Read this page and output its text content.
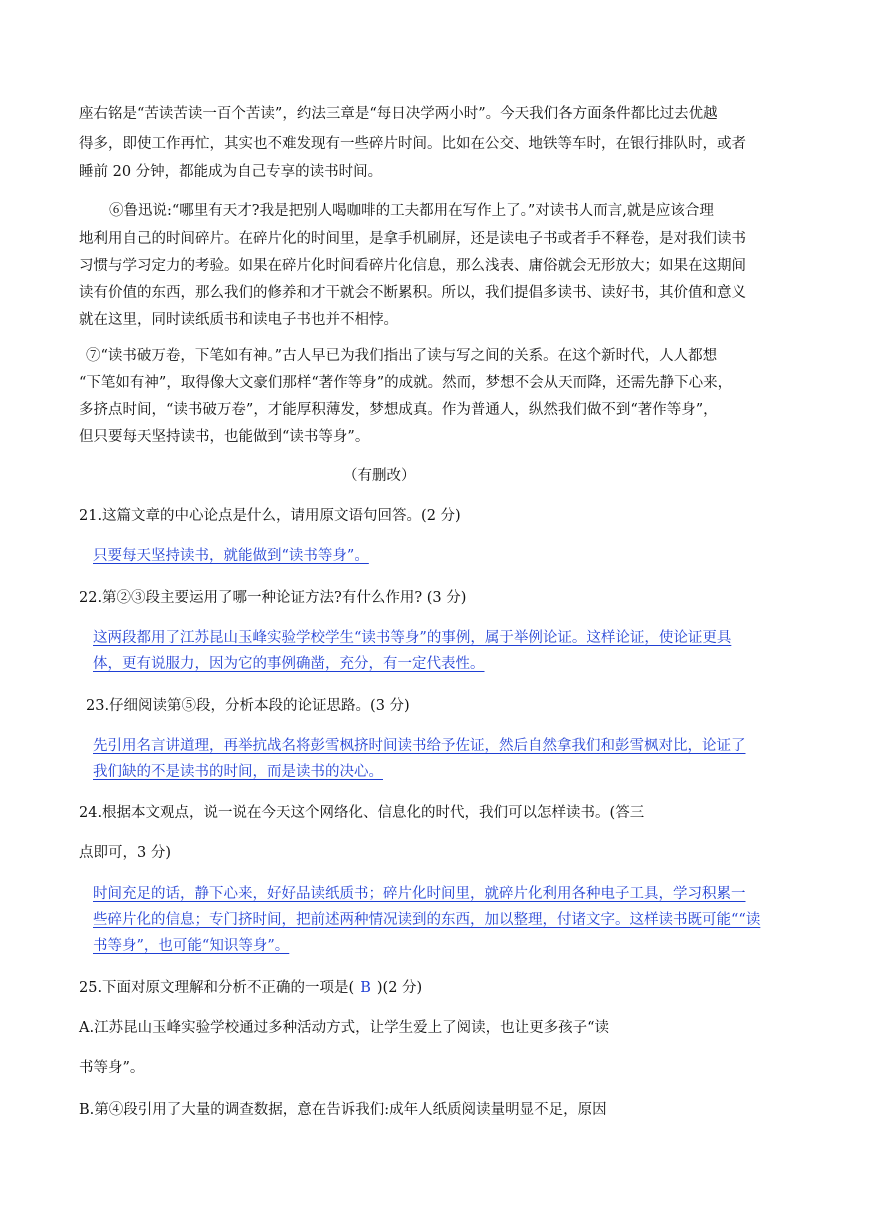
座右铭是“苦读苦读一百个苦读”，约法三章是“每日决学两小时”。今天我们各方面条件都比过去优越
得多，即使工作再忙，其实也不难发现有一些碎片时间。比如在公交、地铁等车时，在银行排队时，或者
睡前 20 分钟，都能成为自己专享的读书时间。
⑥鲁迅说:“哪里有天才?我是把别人喝咖啡的工夫都用在写作上了。”对读书人而言,就是应该合理
地利用自己的时间碎片。在碎片化的时间里，是拿手机刷屏，还是读电子书或者手不释卷，是对我们读书
习惯与学习定力的考验。如果在碎片化时间看碎片化信息，那么浅表、庸俗就会无形放大；如果在这期间
读有价值的东西，那么我们的修养和才干就会不断累积。所以，我们提倡多读书、读好书，其价值和意义
就在这里，同时读纸质书和读电子书也并不相悖。
⑦“读书破万卷，下笔如有神。”古人早已为我们指出了读与写之间的关系。在这个新时代，人人都想
“下笔如有神”，取得像大文豪们那样“著作等身”的成就。然而，梦想不会从天而降，还需先静下心来，
多挤点时间，“读书破万卷”，才能厚积薄发，梦想成真。作为普通人，纵然我们做不到“著作等身”，
但只要每天坚持读书，也能做到“读书等身”。
（有删改）
21.这篇文章的中心论点是什么，请用原文语句回答。(2 分)
只要每天坚持读书，就能做到“读书等身”。
22.第②③段主要运用了哪一种论证方法?有什么作用? (3 分)
这两段都用了江苏昆山玉峰实验学校学生“读书等身”的事例，属于举例论证。这样论证，使论证更具
体，更有说服力，因为它的事例确凿，充分，有一定代表性。
23.仔细阅读第⑤段，分析本段的论证思路。(3 分)
先引用名言讲道理，再举抗战名将彭雪枫挤时间读书给予佐证，然后自然拿我们和彭雪枫对比，论证了
我们缺的不是读书的时间，而是读书的决心。
24.根据本文观点，说一说在今天这个网络化、信息化的时代，我们可以怎样读书。(答三
点即可，3 分)
时间充足的话，静下心来，好好品读纸质书；碎片化时间里，就碎片化利用各种电子工具，学习积累一
些碎片化的信息；专门挤时间，把前述两种情况读到的东西，加以整理，付诸文字。这样读书既可能““读
书等身”，也可能“知识等身”。
25.下面对原文理解和分析不正确的一项是( B )(2 分)
A.江苏昆山玉峰实验学校通过多种活动方式，让学生爱上了阅读，也让更多孩子“读
书等身”。
B.第④段引用了大量的调查数据，意在告诉我们:成年人纸质阅读量明显不足，原因
